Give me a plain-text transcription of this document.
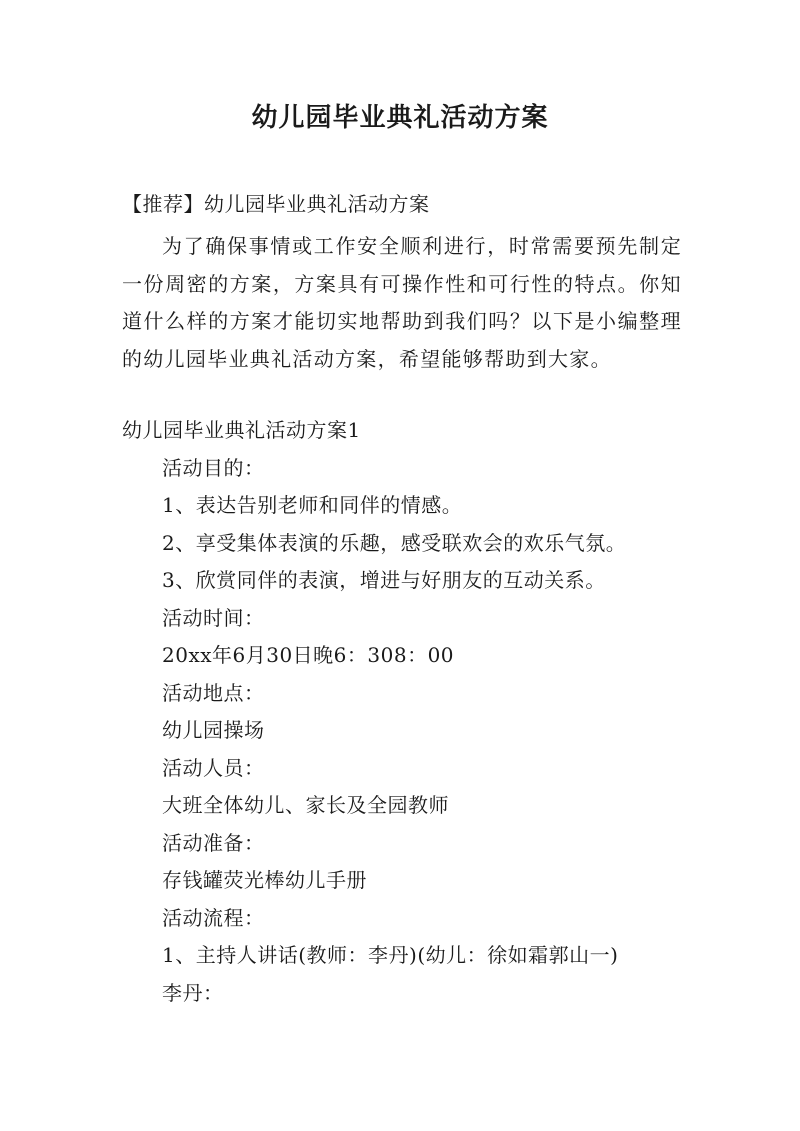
幼儿园毕业典礼活动方案
【推荐】幼儿园毕业典礼活动方案
为了确保事情或工作安全顺利进行，时常需要预先制定一份周密的方案，方案具有可操作性和可行性的特点。你知道什么样的方案才能切实地帮助到我们吗？以下是小编整理的幼儿园毕业典礼活动方案，希望能够帮助到大家。
幼儿园毕业典礼活动方案1
活动目的：
1、表达告别老师和同伴的情感。
2、享受集体表演的乐趣，感受联欢会的欢乐气氛。
3、欣赏同伴的表演，增进与好朋友的互动关系。
活动时间：
20xx年6月30日晚6：308：00
活动地点：
幼儿园操场
活动人员：
大班全体幼儿、家长及全园教师
活动准备：
存钱罐荧光棒幼儿手册
活动流程：
1、主持人讲话(教师：李丹)(幼儿：徐如霜郭山一)
李丹：
